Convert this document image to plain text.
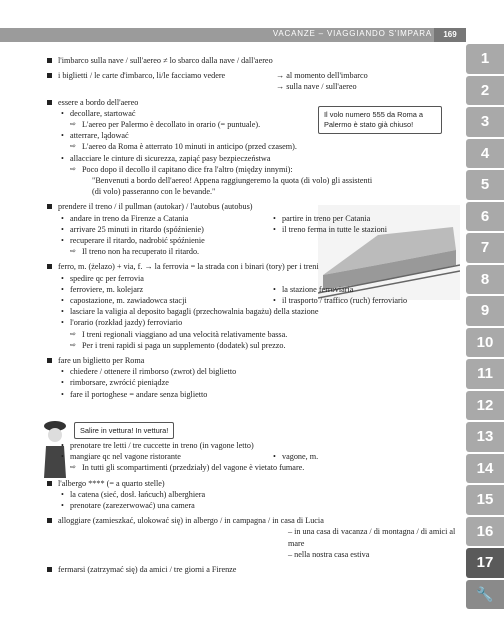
VACANZE – VIAGGIANDO S'IMPARA	169
1
2
3
4
5
6
7
8
9
10
11
12
13
14
15
16
17
🔧
Il volo numero 555 da Roma a Palermo è stato già chiuso!
Salire in vettura! In vettura!
l'imbarco sulla nave / sull'aereo ≠ lo sbarco dalla nave / dall'aereo
i biglietti / le carte d'imbarco, li/le facciamo vedere	→ al momento dell'imbarco
→ sulla nave / sull'aereo
essere a bordo dell'aereo
• decollare, startować
⇨ L'aereo per Palermo è decollato in orario (= puntuale).
• atterrare, lądować
⇨ L'aereo da Roma è atterrato 10 minuti in anticipo (przed czasem).
• allacciare le cinture di sicurezza, zapiąć pasy bezpieczeństwa
⇨ Poco dopo il decollo il capitano dice fra l'altro (między innymi):
"Benvenuti a bordo dell'aereo! Appena raggiungeremo la quota (di volo) gli assistenti
(di volo) passeranno con le bevande."
prendere il treno / il pullman (autokar) / l'autobus (autobus)
• andare in treno da Firenze a Catania	• partire in treno per Catania
• arrivare 25 minuti in ritardo (spóźnienie)	• il treno ferma in tutte le stazioni
• recuperare il ritardo, nadrobić spóźnienie
⇨ Il treno non ha recuperato il ritardo.
ferro, m. (żelazo) + via, f. → la ferrovia = la strada con i binari (tory) per i treni
• spedire qc per ferrovia
• ferroviere, m. kolejarz	• la stazione ferroviaria
• capostazione, m. zawiadowca stacji	• il trasporto / traffico (ruch) ferroviario
• lasciare la valigia al deposito bagagli (przechowalnia bagażu) della stazione
• l'orario (rozkład jazdy) ferroviario
⇨ I treni regionali viaggiano ad una velocità relativamente bassa.
⇨ Per i treni rapidi si paga un supplemento (dodatek) sul prezzo.
fare un biglietto per Roma
• chiedere / ottenere il rimborso (zwrot) del biglietto
• rimborsare, zwrócić pieniądze
• fare il portoghese = andare senza biglietto
• prenotare tre letti / tre cuccette in treno (in vagone letto)
• mangiare qc nel vagone ristorante	• vagone, m.
⇨ In tutti gli scompartimenti (przedziały) del vagone è vietato fumare.
l'albergo **** (= a quarto stelle)
• la catena (sieć, dosł. łańcuch) alberghiera
• prenotare (zarezerwować) una camera
alloggiare (zamieszkać, ulokować się) in albergo / in campagna / in casa di Lucia
– in una casa di vacanza / di montagna / di amici al mare
– nella nostra casa estiva
fermarsi (zatrzymać się) da amici / tre giorni a Firenze
